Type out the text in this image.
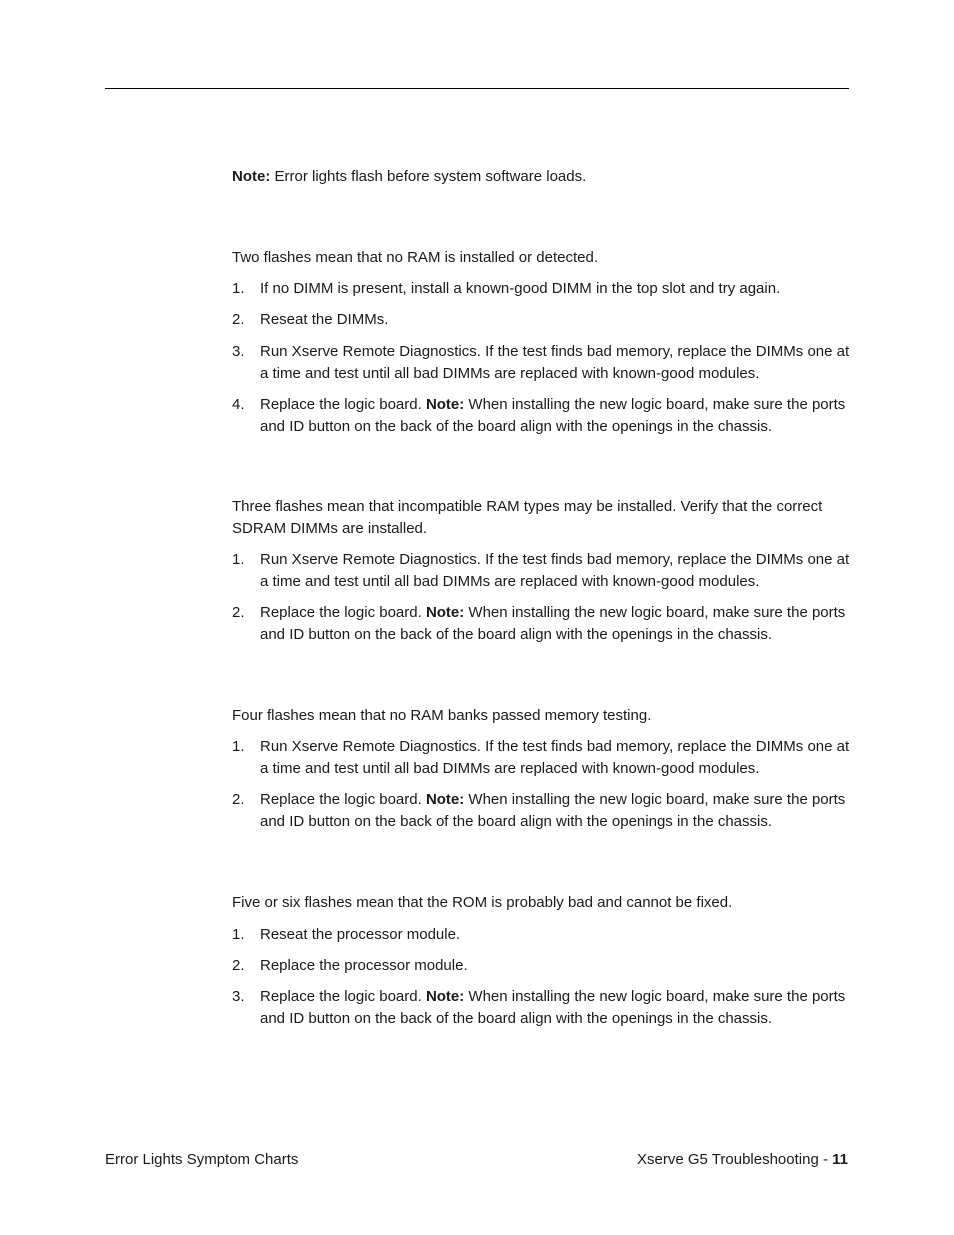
Note: Error lights flash before system software loads.

Two flashes mean that no RAM is installed or detected.

1. If no DIMM is present, install a known-good DIMM in the top slot and try again.
2. Reseat the DIMMs.
3. Run Xserve Remote Diagnostics. If the test finds bad memory, replace the DIMMs one at a time and test until all bad DIMMs are replaced with known-good modules.
4. Replace the logic board. Note: When installing the new logic board, make sure the ports and ID button on the back of the board align with the openings in the chassis.

Three flashes mean that incompatible RAM types may be installed. Verify that the correct SDRAM DIMMs are installed.

1. Run Xserve Remote Diagnostics. If the test finds bad memory, replace the DIMMs one at a time and test until all bad DIMMs are replaced with known-good modules.
2. Replace the logic board. Note: When installing the new logic board, make sure the ports and ID button on the back of the board align with the openings in the chassis.

Four flashes mean that no RAM banks passed memory testing.

1. Run Xserve Remote Diagnostics. If the test finds bad memory, replace the DIMMs one at a time and test until all bad DIMMs are replaced with known-good modules.
2. Replace the logic board. Note: When installing the new logic board, make sure the ports and ID button on the back of the board align with the openings in the chassis.

Five or six flashes mean that the ROM is probably bad and cannot be fixed.

1. Reseat the processor module.
2. Replace the processor module.
3. Replace the logic board. Note: When installing the new logic board, make sure the ports and ID button on the back of the board align with the openings in the chassis.
Error Lights Symptom Charts	Xserve G5 Troubleshooting - 11
